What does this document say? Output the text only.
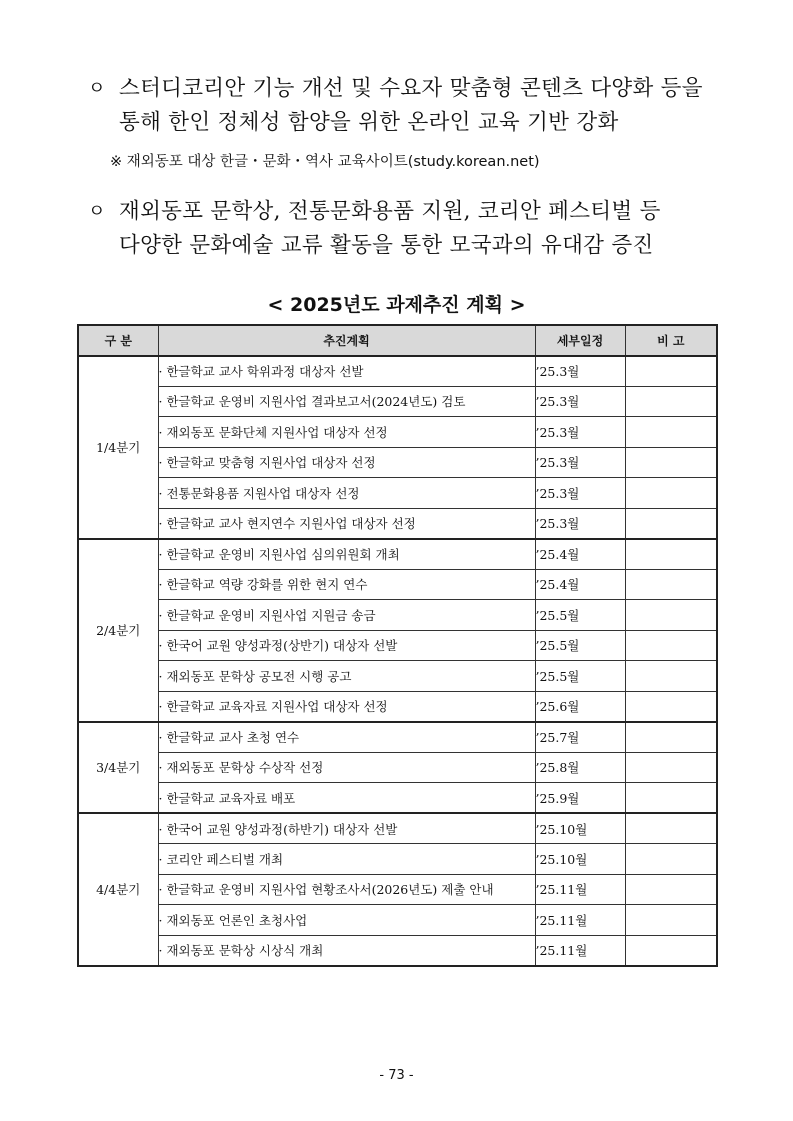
ㅇ 스터디코리안 기능 개선 및 수요자 맞춤형 콘텐츠 다양화 등을
통해 한인 정체성 함양을 위한 온라인 교육 기반 강화
※ 재외동포 대상 한글・문화・역사 교육사이트(study.korean.net)
ㅇ 재외동포 문학상, 전통문화용품 지원, 코리안 페스티벌 등
다양한 문화예술 교류 활동을 통한 모국과의 유대감 증진
< 2025년도 과제추진 계획 >
구 분	추진계획	세부일정	비 고
1/4분기	· 한글학교 교사 학위과정 대상자 선발	’25.3월	
	· 한글학교 운영비 지원사업 결과보고서(2024년도) 검토	’25.3월	
	· 재외동포 문화단체 지원사업 대상자 선정	’25.3월	
	· 한글학교 맞춤형 지원사업 대상자 선정	’25.3월	
	· 전통문화용품 지원사업 대상자 선정	’25.3월	
	· 한글학교 교사 현지연수 지원사업 대상자 선정	’25.3월	
2/4분기	· 한글학교 운영비 지원사업 심의위원회 개최	’25.4월	
	· 한글학교 역량 강화를 위한 현지 연수	’25.4월	
	· 한글학교 운영비 지원사업 지원금 송금	’25.5월	
	· 한국어 교원 양성과정(상반기) 대상자 선발	’25.5월	
	· 재외동포 문학상 공모전 시행 공고	’25.5월	
	· 한글학교 교육자료 지원사업 대상자 선정	’25.6월	
3/4분기	· 한글학교 교사 초청 연수	’25.7월	
	· 재외동포 문학상 수상작 선정	’25.8월	
	· 한글학교 교육자료 배포	’25.9월	
4/4분기	· 한국어 교원 양성과정(하반기) 대상자 선발	’25.10월	
	· 코리안 페스티벌 개최	’25.10월	
	· 한글학교 운영비 지원사업 현황조사서(2026년도) 제출 안내	’25.11월	
	· 재외동포 언론인 초청사업	’25.11월	
	· 재외동포 문학상 시상식 개최	’25.11월	
- 73 -
